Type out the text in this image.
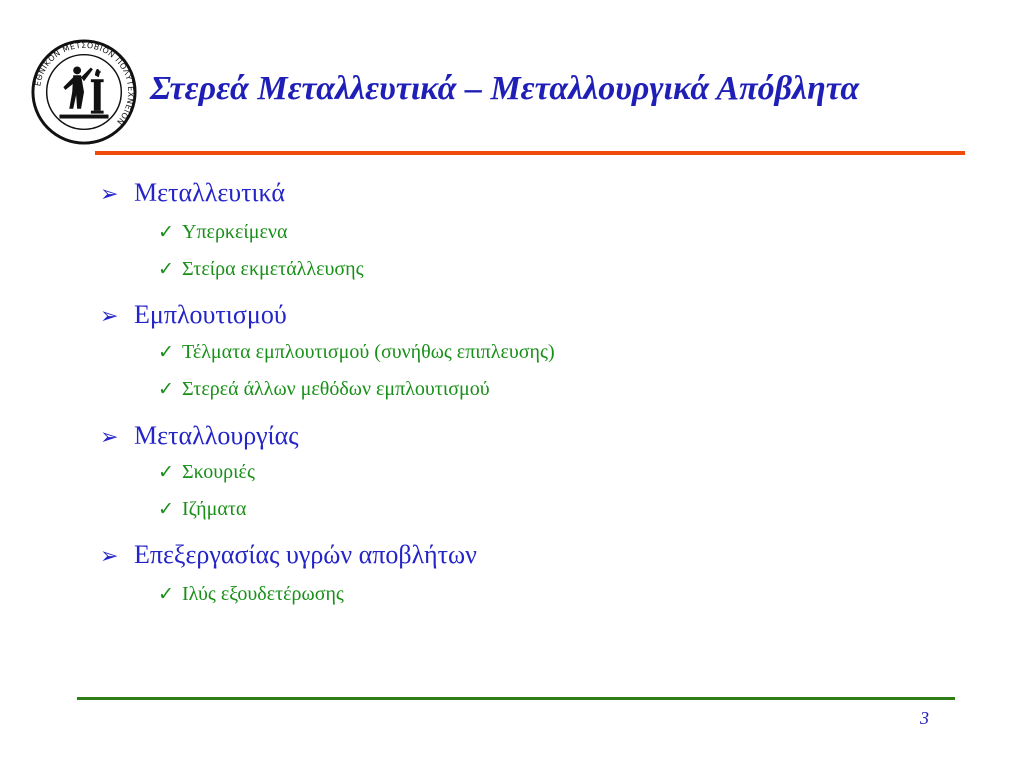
ΕΘΝΙΚΟΝ ΜΕΤΣΟΒΙΟΝ ΠΟΛΥΤΕΧΝΕΙΟΝ
Στερεά Μεταλλευτικά – Μεταλλουργικά Απόβλητα
➢ Μεταλλευτικά
✓ Υπερκείμενα
✓ Στείρα εκμετάλλευσης
➢ Εμπλουτισμού
✓ Τέλματα εμπλουτισμού (συνήθως επιπλευσης)
✓ Στερεά άλλων μεθόδων εμπλουτισμού
➢ Μεταλλουργίας
✓ Σκουριές
✓ Ιζήματα
➢ Επεξεργασίας υγρών αποβλήτων
✓ Ιλύς εξουδετέρωσης
3
